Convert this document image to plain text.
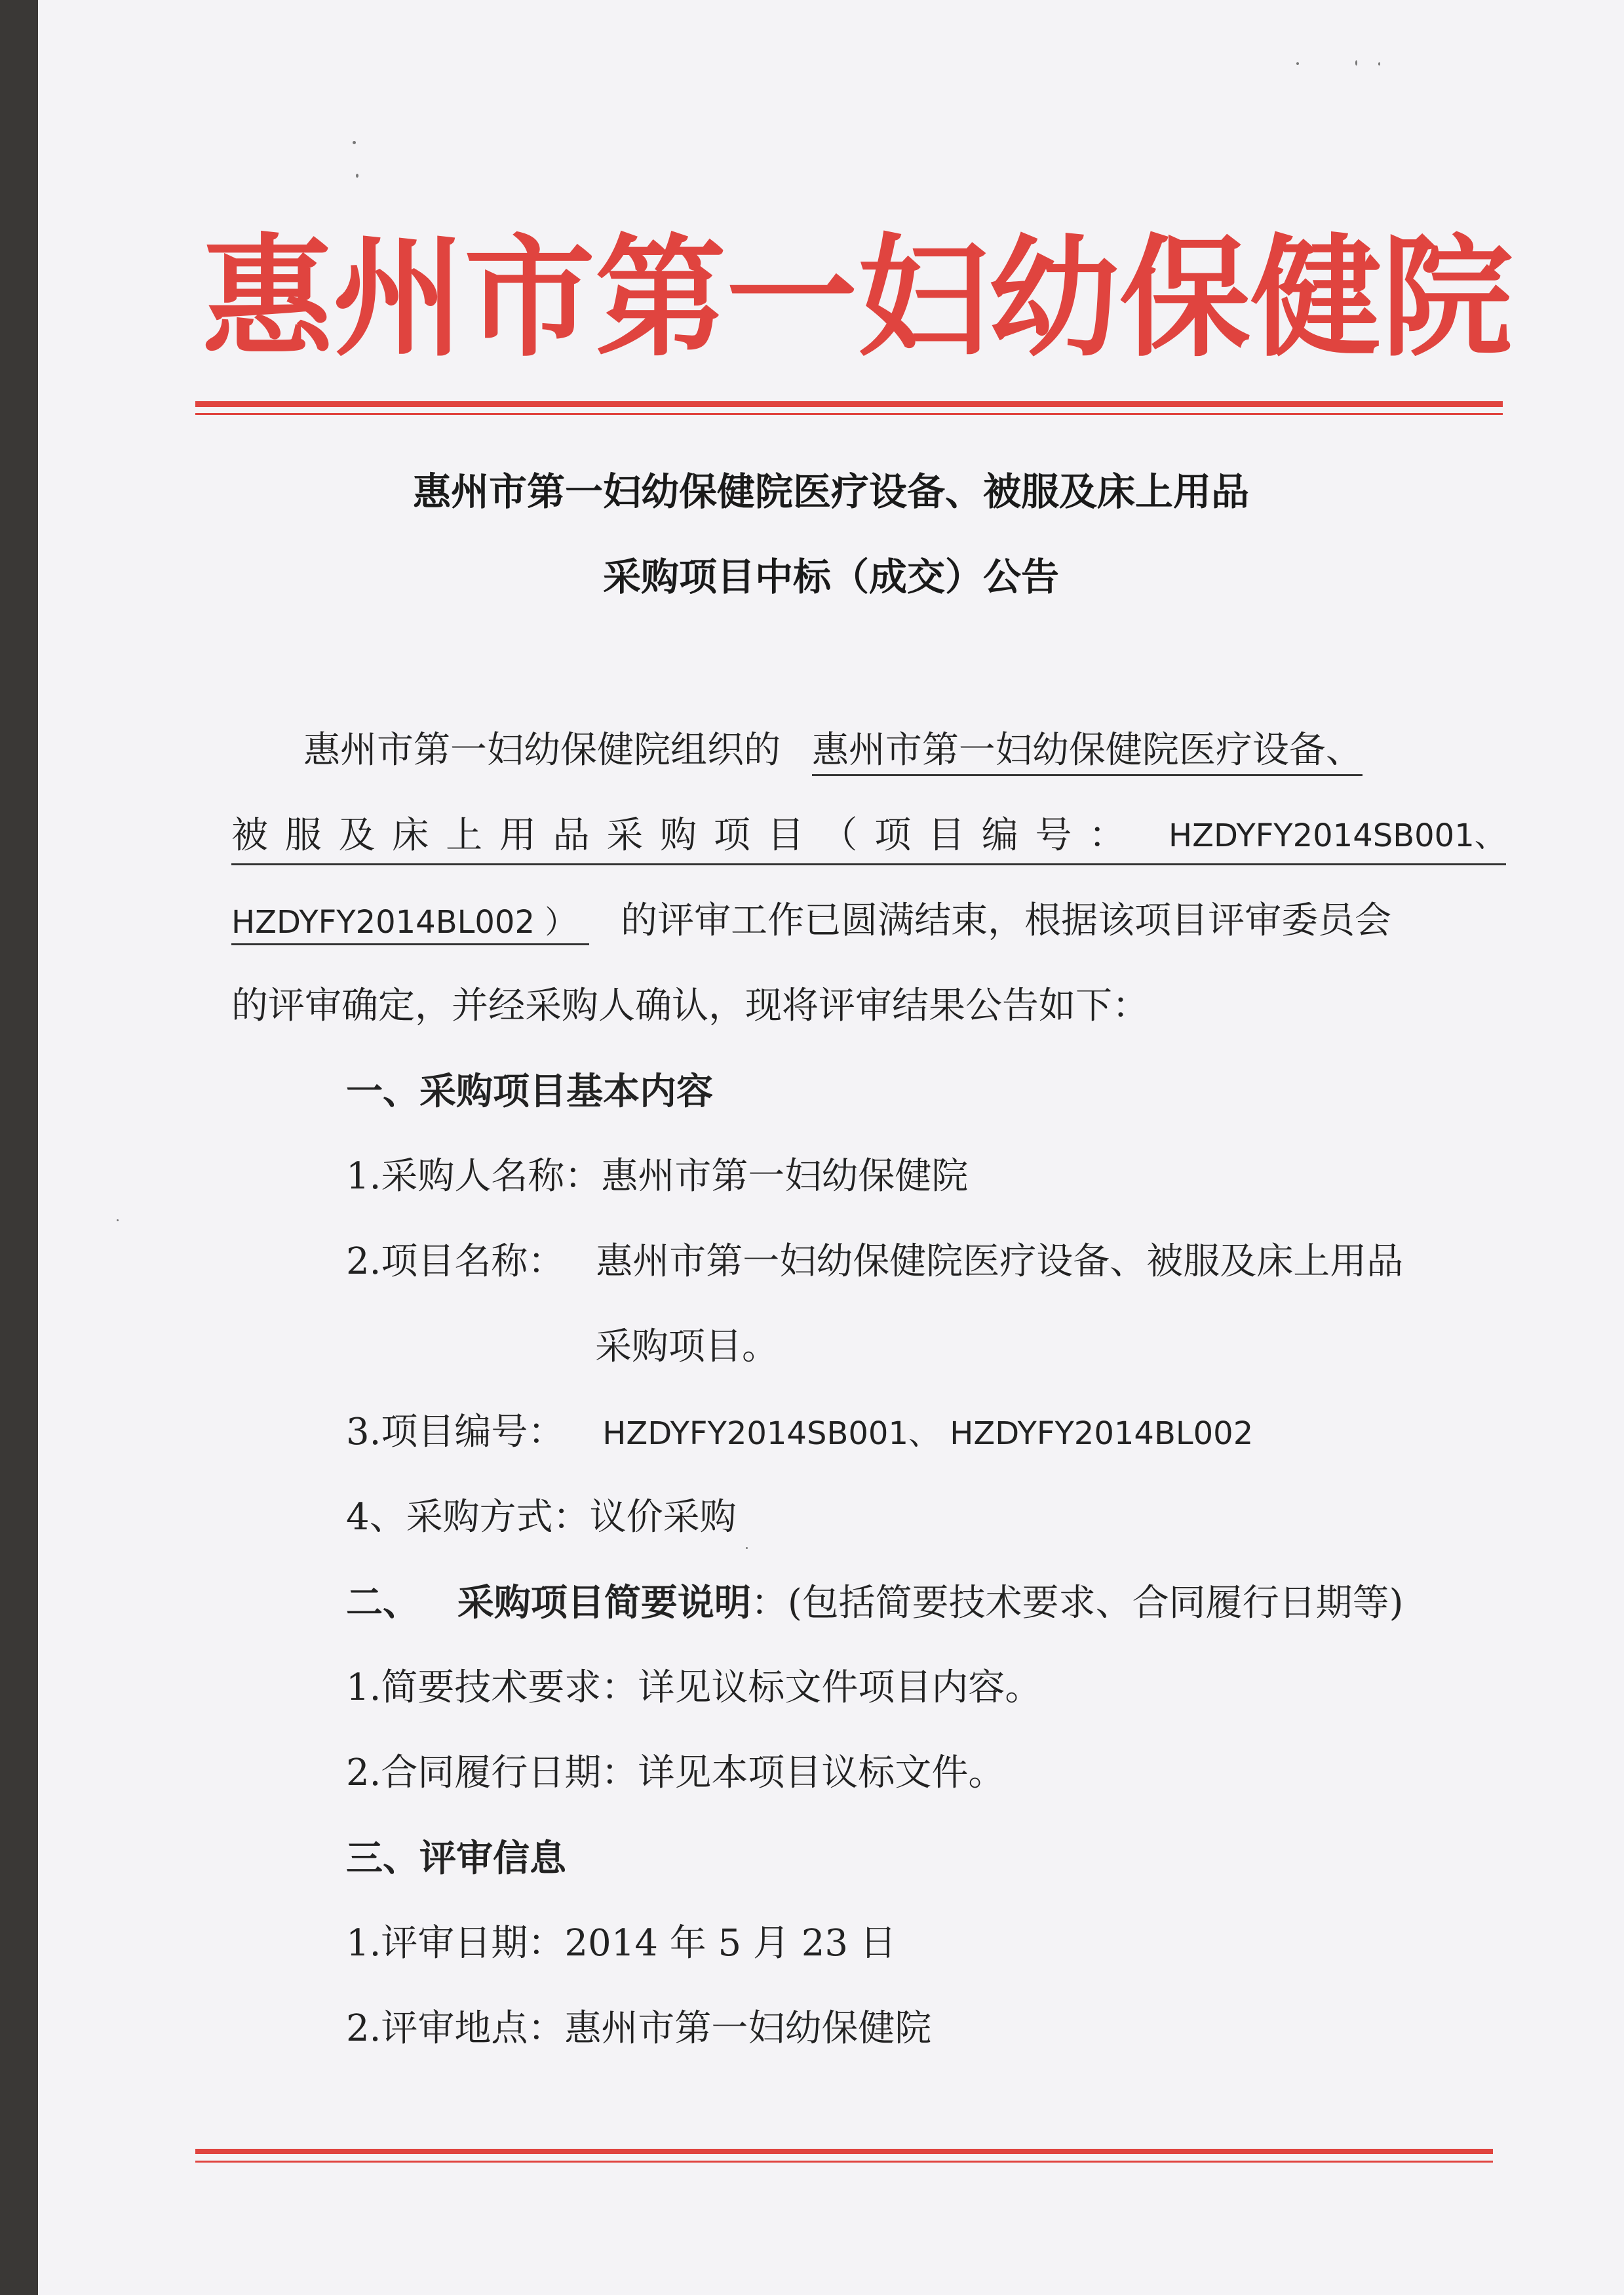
惠 州 市 第 一 妇 幼 保 健 院
惠州市第一妇幼保健院医疗设备、被服及床上用品
采购项目中标（成交）公告
惠州市第一妇幼保健院组织的 惠州市第一妇幼保健院医疗设备、
被 服 及 床 上 用 品 采 购 项 目 （ 项 目 编 号 ： HZDYFY2014SB001、
HZDYFY2014BL002 ） 的评审工作已圆满结束，根据该项目评审委员会
的评审确定，并经采购人确认，现将评审结果公告如下：
一、采购项目基本内容
1.采购人名称：惠州市第一妇幼保健院
2.项目名称： 惠州市第一妇幼保健院医疗设备、被服及床上用品
采购项目。
3.项目编号： HZDYFY2014SB001、 HZDYFY2014BL002
4、采购方式：议价采购
二、 采购项目简要说明：(包括简要技术要求、合同履行日期等)
1.简要技术要求：详见议标文件项目内容。
2.合同履行日期：详见本项目议标文件。
三、评审信息
1.评审日期：2014 年 5 月 23 日
2.评审地点：惠州市第一妇幼保健院
